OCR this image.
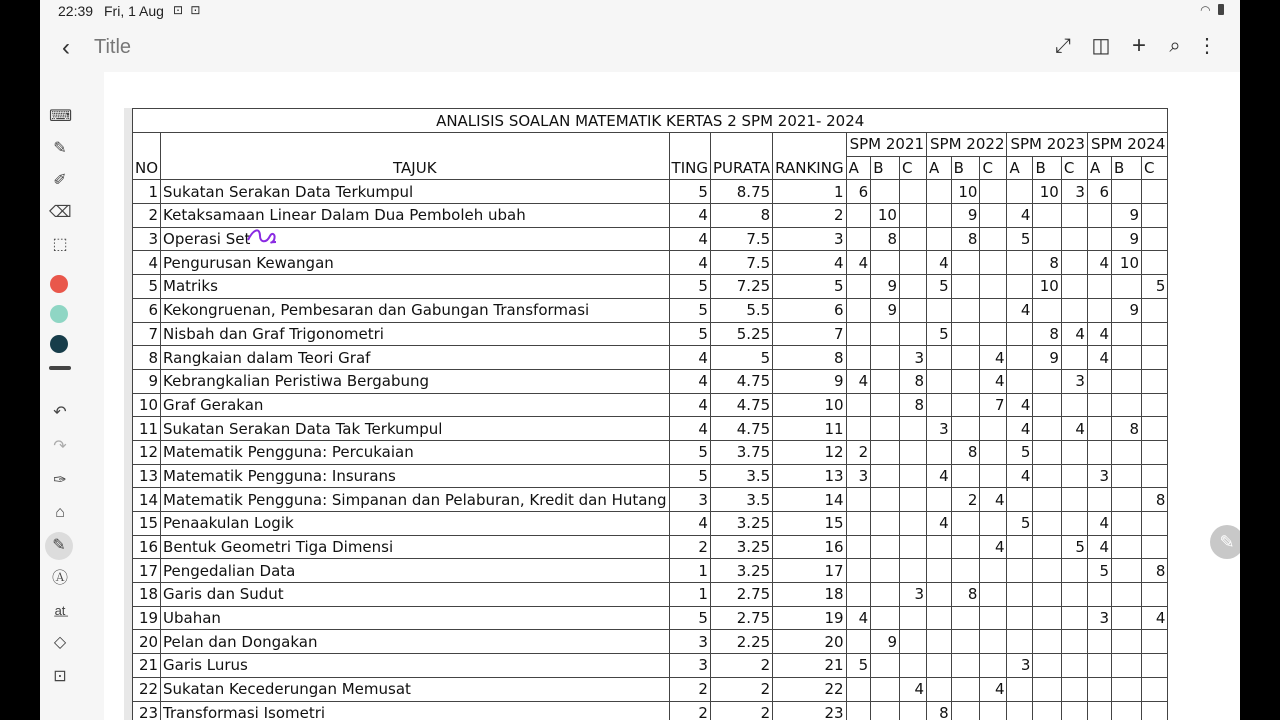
22:39 Fri, 1 Aug ⊡ ⊡	◠
‹ Title	⤢ ◫ + ⌕ ⋮
⌨
✎
✐
⌫
⬚
↶
↷
✑
⌂
✎
Ⓐ
a̲t̲
◇
⊡
ANALISIS SOALAN MATEMATIK KERTAS 2 SPM 2021- 2024																
NO	TAJUK	TING	PURATA	RANKING	SPM 2021			SPM 2022			SPM 2023			SPM 2024		
					A	B	C	A	B	C	A	B	C	A	B	C
1	Sukatan Serakan Data Terkumpul	5	8.75	1	6				10			10	3	6		
2	Ketaksamaan Linear Dalam Dua Pemboleh ubah	4	8	2		10			9		4				9	
3	Operasi Set	4	7.5	3		8			8		5				9	
4	Pengurusan Kewangan	4	7.5	4	4			4				8		4	10	
5	Matriks	5	7.25	5		9		5				10				5
6	Kekongruenan, Pembesaran dan Gabungan Transformasi	5	5.5	6		9					4				9	
7	Nisbah dan Graf Trigonometri	5	5.25	7				5				8	4	4		
8	Rangkaian dalam Teori Graf	4	5	8			3			4		9		4		
9	Kebrangkalian Peristiwa Bergabung	4	4.75	9	4		8			4			3			
10	Graf Gerakan	4	4.75	10			8			7	4					
11	Sukatan Serakan Data Tak Terkumpul	4	4.75	11				3			4		4		8	
12	Matematik Pengguna: Percukaian	5	3.75	12	2				8		5					
13	Matematik Pengguna: Insurans	5	3.5	13	3			4			4			3		
14	Matematik Pengguna: Simpanan dan Pelaburan, Kredit dan Hutang	3	3.5	14					2	4						8
15	Penaakulan Logik	4	3.25	15				4			5			4		
16	Bentuk Geometri Tiga Dimensi	2	3.25	16						4			5	4		
17	Pengedalian Data	1	3.25	17										5		8
18	Garis dan Sudut	1	2.75	18			3		8							
19	Ubahan	5	2.75	19	4									3		4
20	Pelan dan Dongakan	3	2.25	20		9										
21	Garis Lurus	3	2	21	5						3					
22	Sukatan Kecederungan Memusat	2	2	22			4			4						
23	Transformasi Isometri	2	2	23				8								
✎
